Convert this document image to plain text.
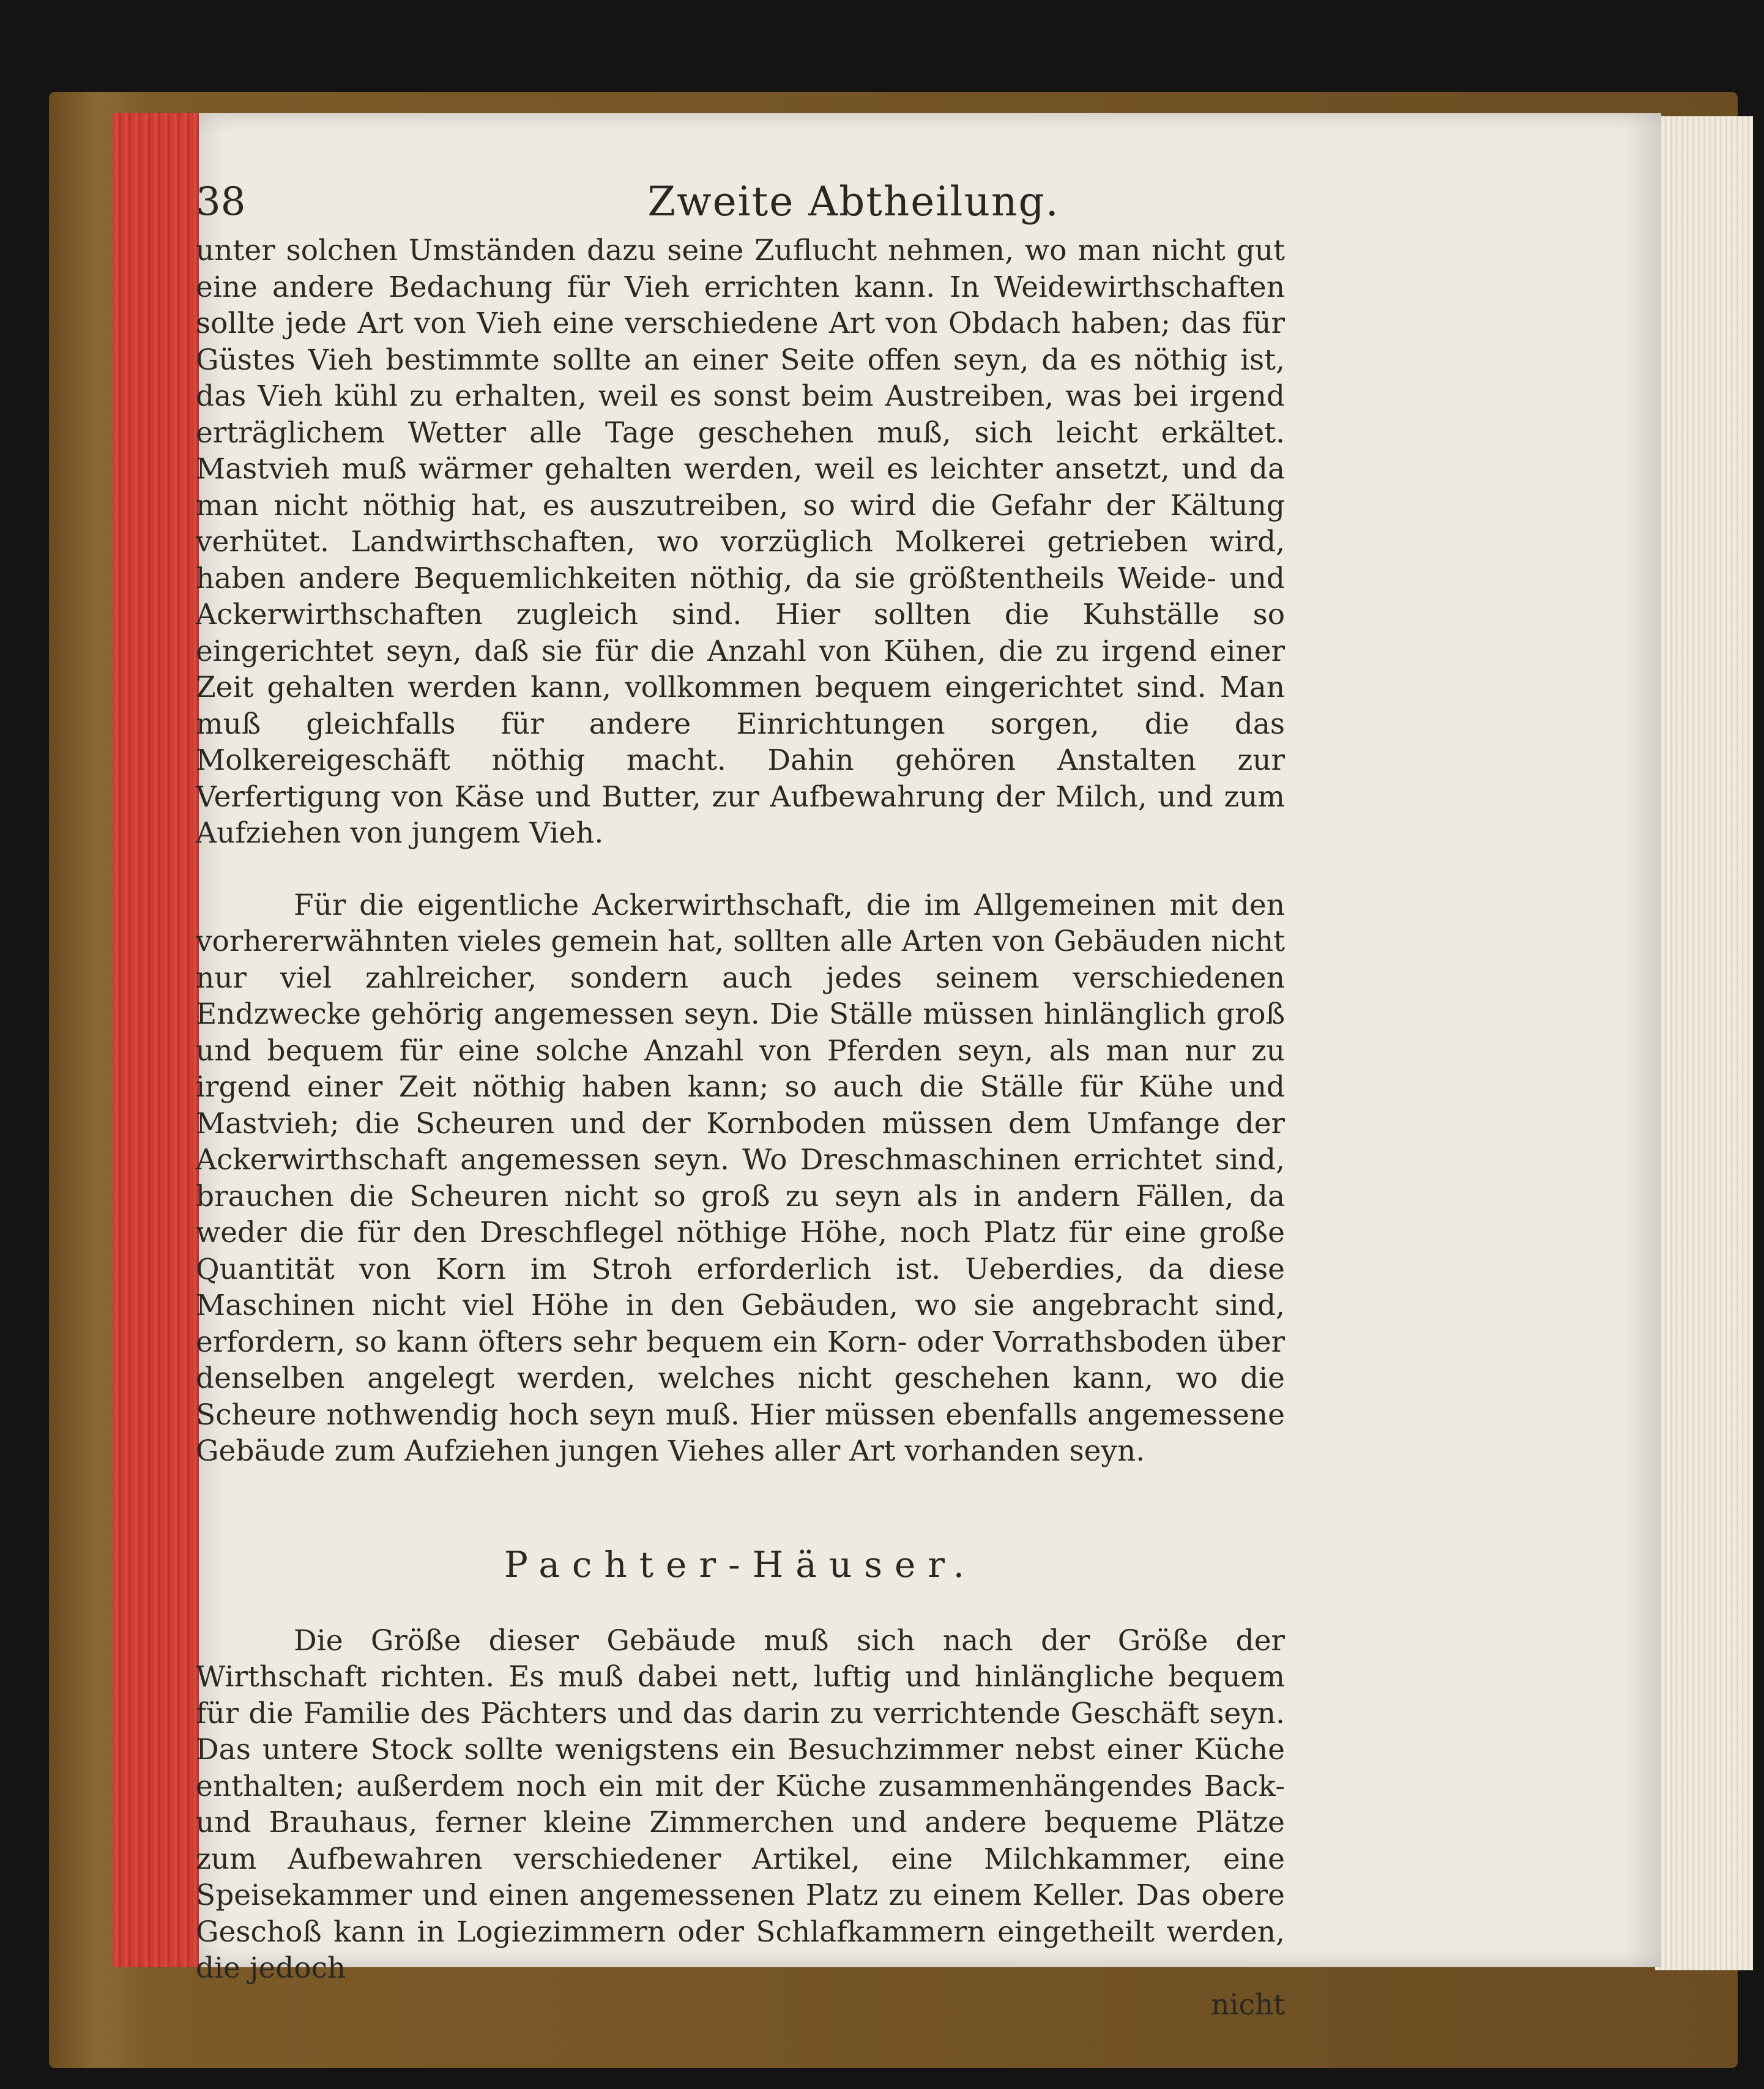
38	Zweite Abtheilung.

unter solchen Umständen dazu seine Zuflucht nehmen, wo man nicht gut eine andere Bedachung für Vieh errichten kann. In Weidewirthschaften sollte jede Art von Vieh eine verschiedene Art von Obdach haben; das für Güstes Vieh bestimmte sollte an einer Seite offen seyn, da es nöthig ist, das Vieh kühl zu erhalten, weil es sonst beim Austreiben, was bei irgend erträglichem Wetter alle Tage geschehen muß, sich leicht erkältet. Mastvieh muß wärmer gehalten werden, weil es leichter ansetzt, und da man nicht nöthig hat, es auszutreiben, so wird die Gefahr der Kältung verhütet. Landwirthschaften, wo vorzüglich Molkerei getrieben wird, haben andere Bequemlichkeiten nöthig, da sie größtentheils Weide- und Ackerwirthschaften zugleich sind. Hier sollten die Kuhställe so eingerichtet seyn, daß sie für die Anzahl von Kühen, die zu irgend einer Zeit gehalten werden kann, vollkommen bequem eingerichtet sind. Man muß gleichfalls für andere Einrichtungen sorgen, die das Molkereigeschäft nöthig macht. Dahin gehören Anstalten zur Verfertigung von Käse und Butter, zur Aufbewahrung der Milch, und zum Aufziehen von jungem Vieh.

Für die eigentliche Ackerwirthschaft, die im Allgemeinen mit den vorhererwähnten vieles gemein hat, sollten alle Arten von Gebäuden nicht nur viel zahlreicher, sondern auch jedes seinem verschiedenen Endzwecke gehörig angemessen seyn. Die Ställe müssen hinlänglich groß und bequem für eine solche Anzahl von Pferden seyn, als man nur zu irgend einer Zeit nöthig haben kann; so auch die Ställe für Kühe und Mastvieh; die Scheuren und der Kornboden müssen dem Umfange der Ackerwirthschaft angemessen seyn. Wo Dreschmaschinen errichtet sind, brauchen die Scheuren nicht so groß zu seyn als in andern Fällen, da weder die für den Dreschflegel nöthige Höhe, noch Platz für eine große Quantität von Korn im Stroh erforderlich ist. Ueberdies, da diese Maschinen nicht viel Höhe in den Gebäuden, wo sie angebracht sind, erfordern, so kann öfters sehr bequem ein Korn- oder Vorrathsboden über denselben angelegt werden, welches nicht geschehen kann, wo die Scheure nothwendig hoch seyn muß. Hier müssen ebenfalls angemessene Gebäude zum Aufziehen jungen Viehes aller Art vorhanden seyn.

Pachter-Häuser.

Die Größe dieser Gebäude muß sich nach der Größe der Wirthschaft richten. Es muß dabei nett, luftig und hinlängliche bequem für die Familie des Pächters und das darin zu verrichtende Geschäft seyn. Das untere Stock sollte wenigstens ein Besuchzimmer nebst einer Küche enthalten; außerdem noch ein mit der Küche zusammenhängendes Back- und Brauhaus, ferner kleine Zimmerchen und andere bequeme Plätze zum Aufbewahren verschiedener Artikel, eine Milchkammer, eine Speisekammer und einen angemessenen Platz zu einem Keller. Das obere Geschoß kann in Logiezimmern oder Schlafkammern eingetheilt werden, die jedoch

nicht
